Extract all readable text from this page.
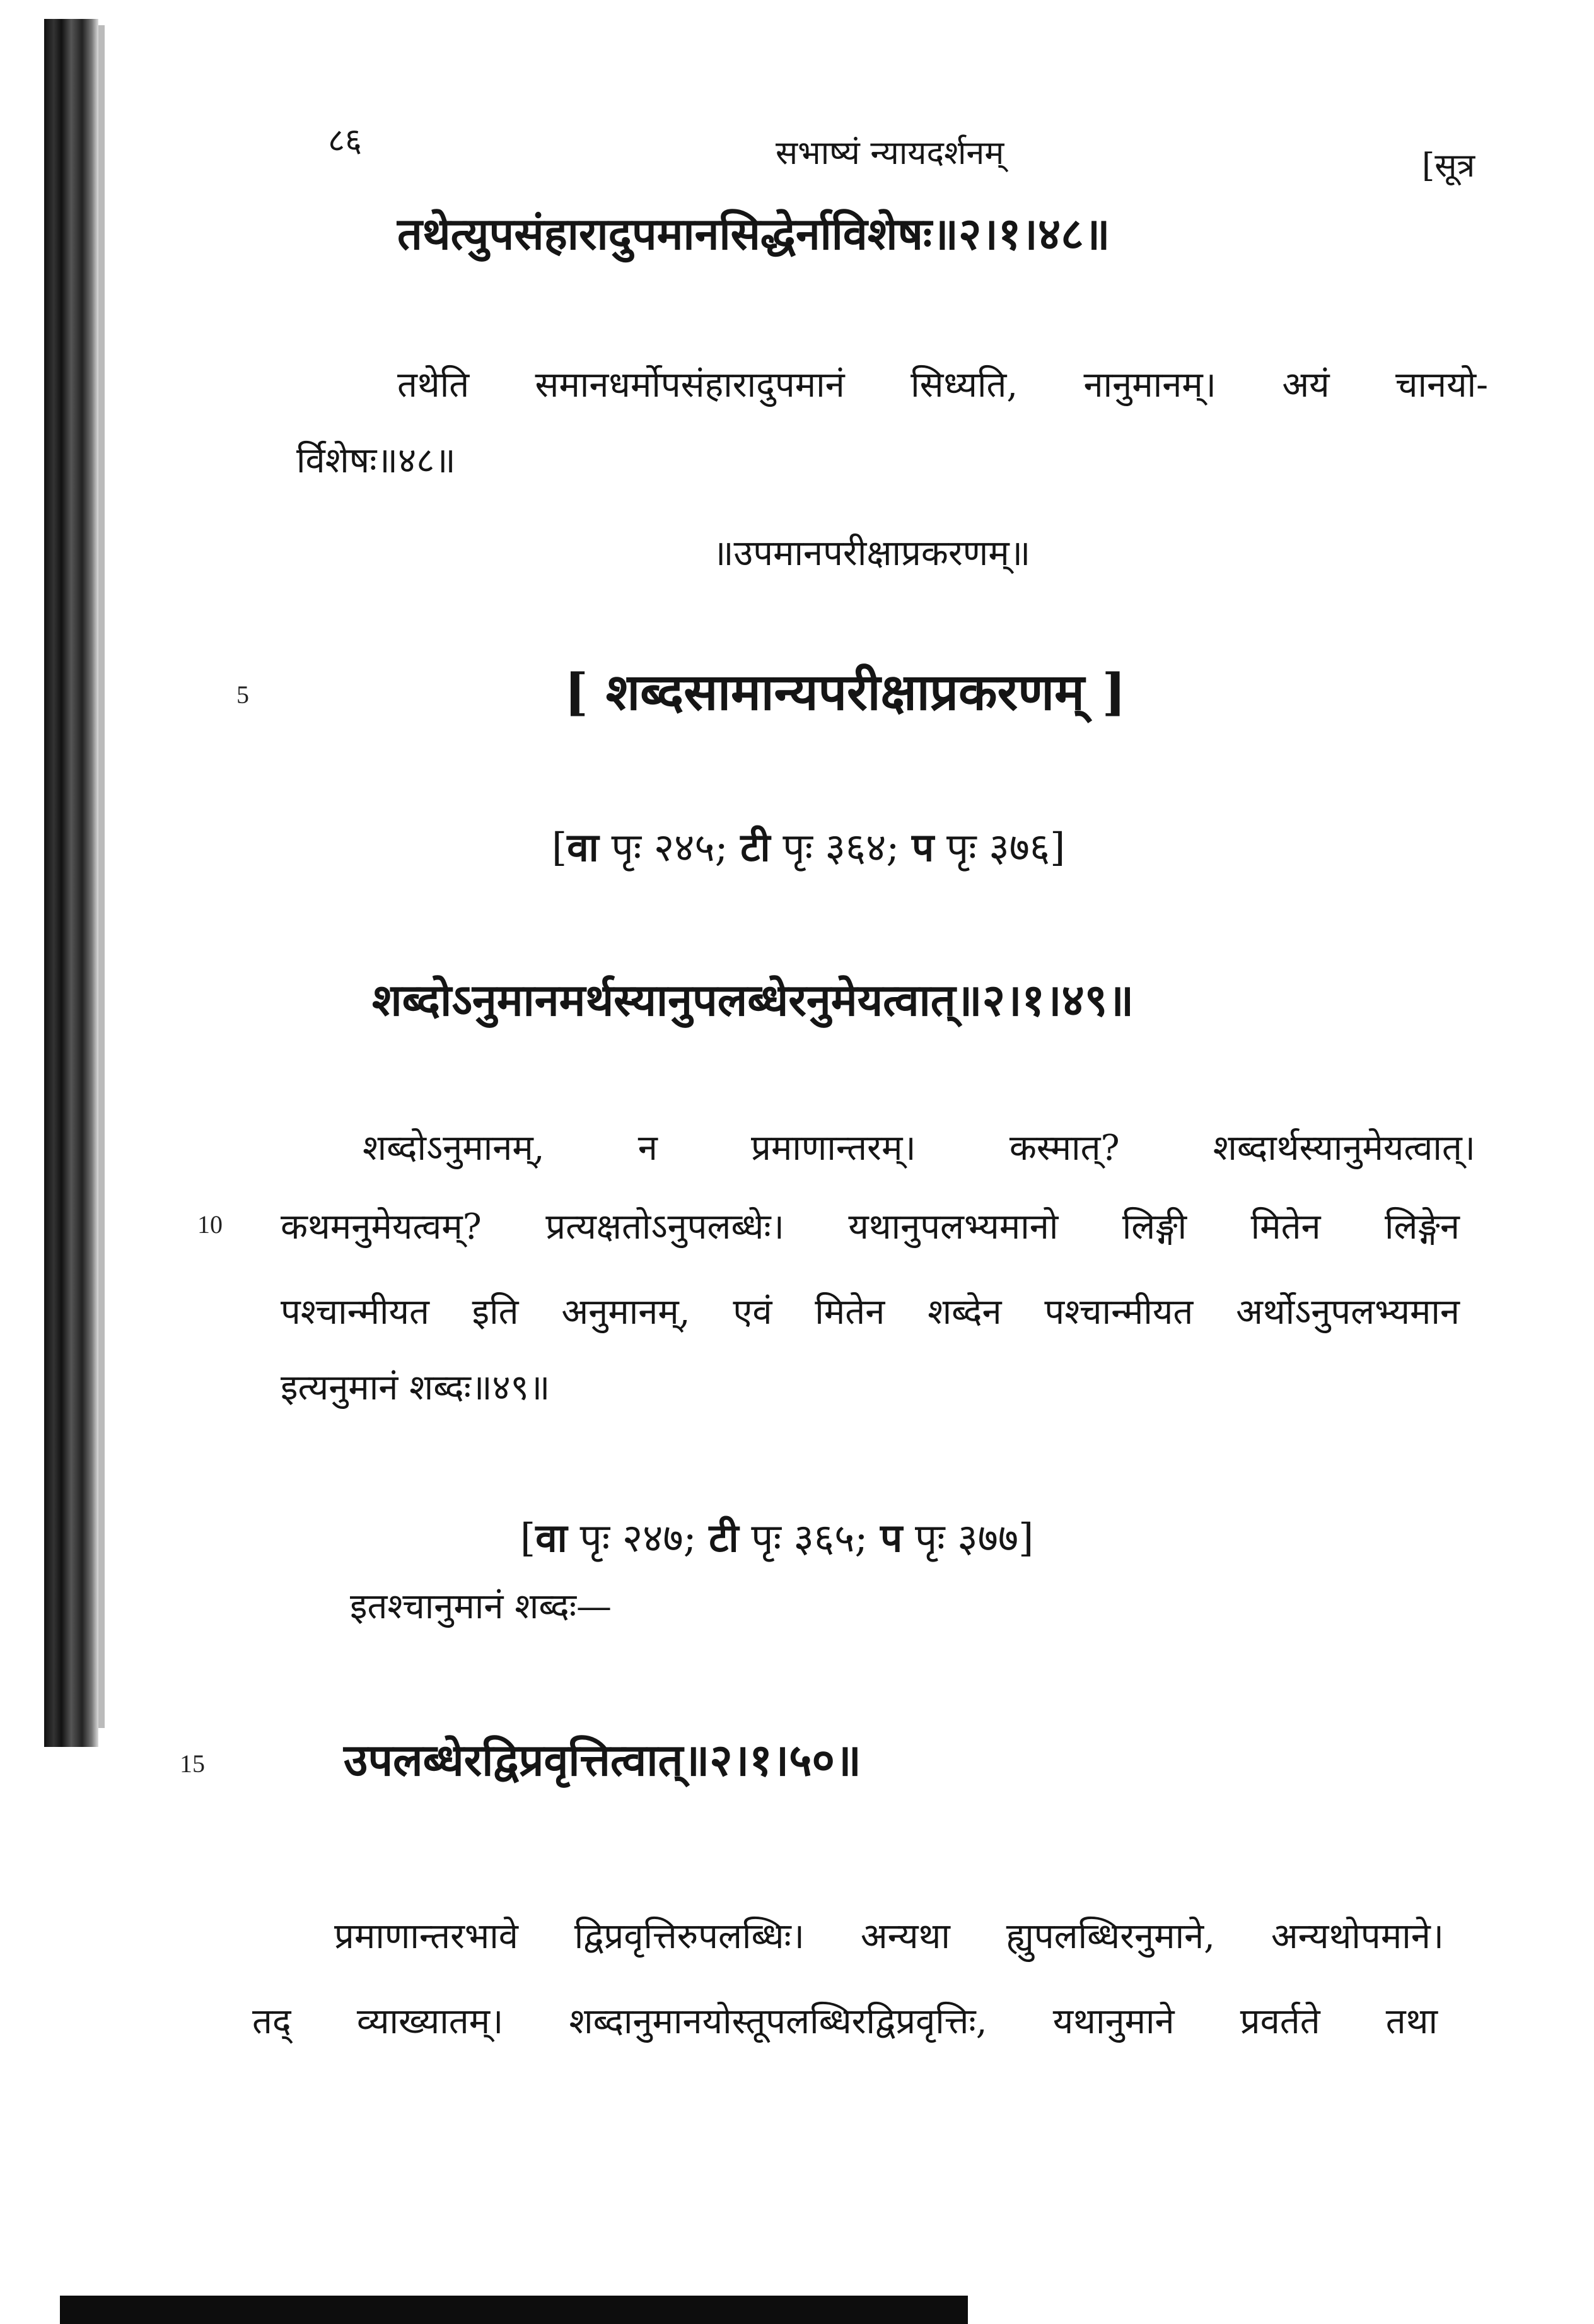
८६	सभाष्यं न्यायदर्शनम्	[सूत्र
तथेत्युपसंहारादुपमानसिद्धेर्नाविशेषः॥२।१।४८॥
तथेति समानधर्मोपसंहारादुपमानं सिध्यति, नानुमानम्। अयं चानयो-
र्विशेषः॥४८॥
॥उपमानपरीक्षाप्रकरणम्॥
5	[ शब्दसामान्यपरीक्षाप्रकरणम् ]
[वा पृः २४५; टी पृः ३६४; प पृः ३७६]
शब्दोऽनुमानमर्थस्यानुपलब्धेरनुमेयत्वात्॥२।१।४९॥
शब्दोऽनुमानम्, न प्रमाणान्तरम्। कस्मात्? शब्दार्थस्यानुमेयत्वात्।
10 कथमनुमेयत्वम्? प्रत्यक्षतोऽनुपलब्धेः। यथानुपलभ्यमानो लिङ्गी मितेन लिङ्गेन
पश्चान्मीयत इति अनुमानम्, एवं मितेन शब्देन पश्चान्मीयत अर्थोऽनुपलभ्यमान
इत्यनुमानं शब्दः॥४९॥
[वा पृः २४७; टी पृः ३६५; प पृः ३७७]
इतश्चानुमानं शब्दः—
15	उपलब्धेरद्विप्रवृत्तित्वात्॥२।१।५०॥
प्रमाणान्तरभावे द्विप्रवृत्तिरुपलब्धिः। अन्यथा ह्युपलब्धिरनुमाने, अन्यथोपमाने।
तद् व्याख्यातम्। शब्दानुमानयोस्तूपलब्धिरद्विप्रवृत्तिः, यथानुमाने प्रवर्तते तथा
